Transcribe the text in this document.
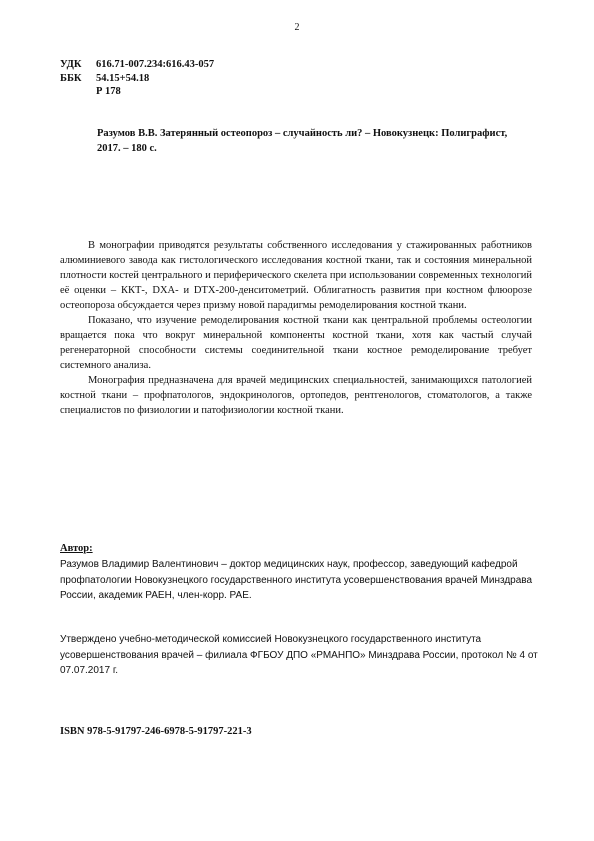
2
УДК	616.71-007.234:616.43-057
ББК	54.15+54.18
Р 178
Разумов В.В. Затерянный остеопороз – случайность ли? – Новокузнецк: Полиграфист, 2017. – 180 с.

В монографии приводятся результаты собственного исследования у стажированных работников алюминиевого завода как гистологического исследования костной ткани, так и состояния минеральной плотности костей центрального и периферического скелета при использовании современных технологий её оценки – ККТ-, DXA- и DTX-200-денситометрий. Облигатность развития при костном флюорозе остеопороза обсуждается через призму новой парадигмы ремоделирования костной ткани.

Показано, что изучение ремоделирования костной ткани как центральной проблемы остеологии вращается пока что вокруг минеральной компоненты костной ткани, хотя как частый случай регенераторной способности системы соединительной ткани костное ремоделирование требует системного анализа.

Монография предназначена для врачей медицинских специальностей, занимающихся патологией костной ткани – профпатологов, эндокринологов, ортопедов, рентгенологов, стоматологов, а также специалистов по физиологии и патофизиологии костной ткани.

Автор:
Разумов Владимир Валентинович – доктор медицинских наук, профессор, заведующий кафедрой профпатологии Новокузнецкого государственного института усовершенствования врачей Минздрава России, академик РАЕН, член-корр. РАЕ.
Утверждено учебно-методической комиссией Новокузнецкого государственного института усовершенствования врачей – филиала ФГБОУ ДПО «РМАНПО» Минздрава России, протокол № 4 от 07.07.2017 г.
ISBN 978-5-91797-246-6978-5-91797-221-3
